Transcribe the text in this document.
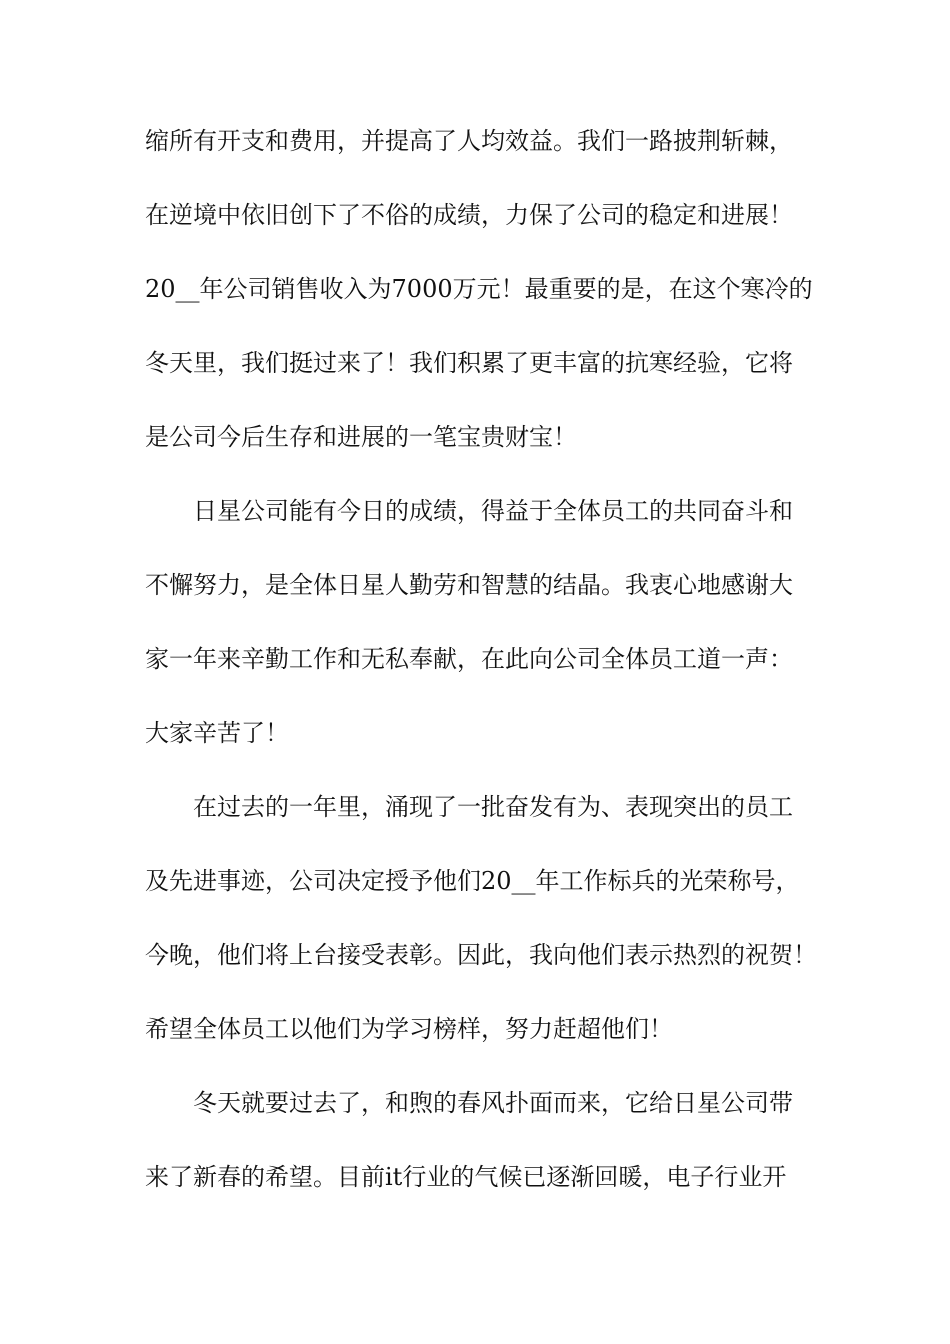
缩所有开支和费用，并提高了人均效益。我们一路披荆斩棘，
在逆境中依旧创下了不俗的成绩，力保了公司的稳定和进展！
20__年公司销售收入为7000万元！最重要的是，在这个寒冷的
冬天里，我们挺过来了！我们积累了更丰富的抗寒经验，它将
是公司今后生存和进展的一笔宝贵财宝！
　　日星公司能有今日的成绩，得益于全体员工的共同奋斗和
不懈努力，是全体日星人勤劳和智慧的结晶。我衷心地感谢大
家一年来辛勤工作和无私奉献，在此向公司全体员工道一声：
大家辛苦了！
　　在过去的一年里，涌现了一批奋发有为、表现突出的员工
及先进事迹，公司决定授予他们20__年工作标兵的光荣称号，
今晚，他们将上台接受表彰。因此，我向他们表示热烈的祝贺！
希望全体员工以他们为学习榜样，努力赶超他们！
　　冬天就要过去了，和煦的春风扑面而来，它给日星公司带
来了新春的希望。目前it行业的气候已逐渐回暖，电子行业开
